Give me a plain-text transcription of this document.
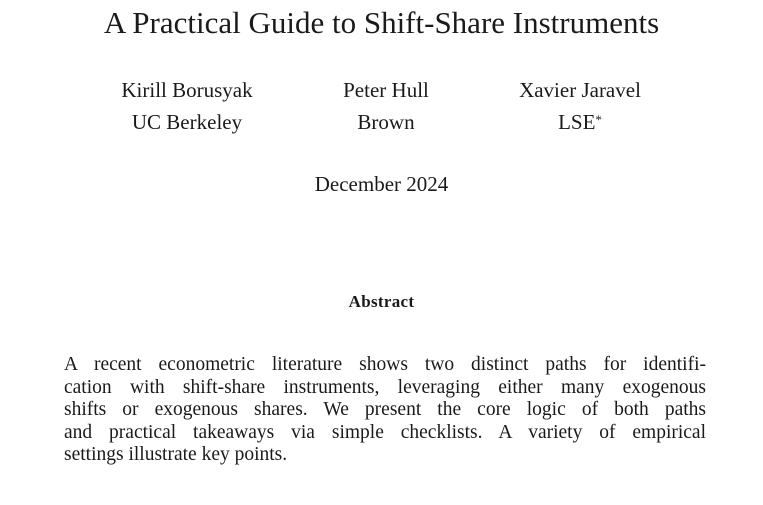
A Practical Guide to Shift-Share Instruments
Kirill Borusyak
UC Berkeley
Peter Hull
Brown
Xavier Jaravel
LSE*
December 2024
Abstract
A recent econometric literature shows two distinct paths for identifi-
cation with shift-share instruments, leveraging either many exogenous
shifts or exogenous shares. We present the core logic of both paths
and practical takeaways via simple checklists. A variety of empirical
settings illustrate key points.
